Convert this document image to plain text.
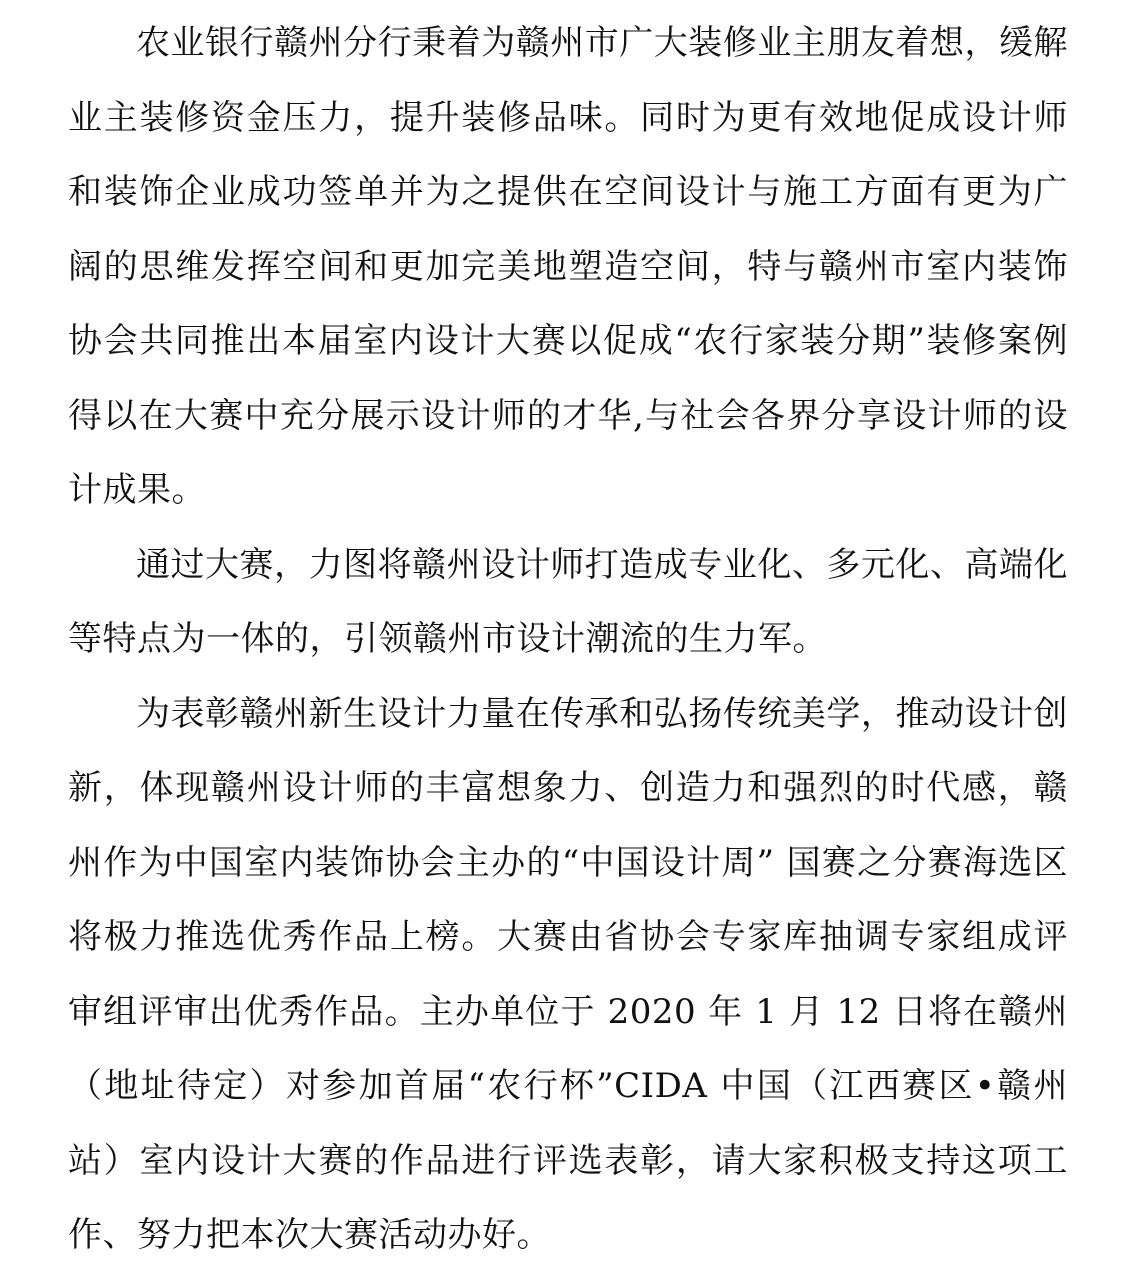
农业银行赣州分行秉着为赣州市广大装修业主朋友着想，缓解业主装修资金压力，提升装修品味。同时为更有效地促成设计师和装饰企业成功签单并为之提供在空间设计与施工方面有更为广阔的思维发挥空间和更加完美地塑造空间，特与赣州市室内装饰协会共同推出本届室内设计大赛以促成“农行家装分期”装修案例得以在大赛中充分展示设计师的才华,与社会各界分享设计师的设计成果。

通过大赛，力图将赣州设计师打造成专业化、多元化、高端化等特点为一体的，引领赣州市设计潮流的生力军。

为表彰赣州新生设计力量在传承和弘扬传统美学，推动设计创新，体现赣州设计师的丰富想象力、创造力和强烈的时代感，赣州作为中国室内装饰协会主办的“中国设计周” 国赛之分赛海选区将极力推选优秀作品上榜。大赛由省协会专家库抽调专家组成评审组评审出优秀作品。主办单位于 2020 年 1 月 12 日将在赣州（地址待定）对参加首届“农行杯”CIDA 中国（江西赛区•赣州站）室内设计大赛的作品进行评选表彰，请大家积极支持这项工作、努力把本次大赛活动办好。
